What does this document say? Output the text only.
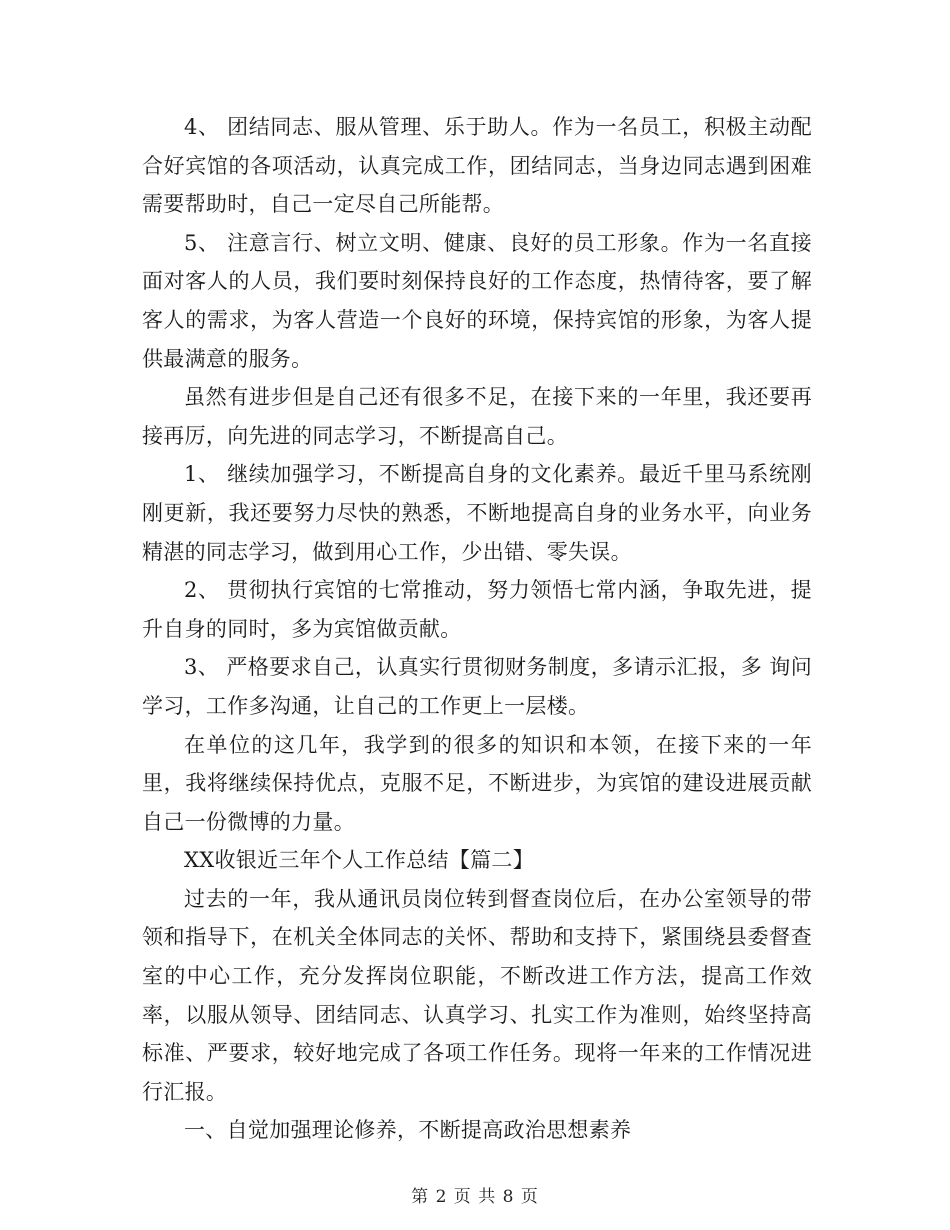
4、 团结同志、服从管理、乐于助人。作为一名员工，积极主动配合好宾馆的各项活动，认真完成工作，团结同志，当身边同志遇到困难需要帮助时，自己一定尽自己所能帮。

5、 注意言行、树立文明、健康、良好的员工形象。作为一名直接面对客人的人员，我们要时刻保持良好的工作态度，热情待客，要了解客人的需求，为客人营造一个良好的环境，保持宾馆的形象，为客人提供最满意的服务。

虽然有进步但是自己还有很多不足，在接下来的一年里，我还要再接再厉，向先进的同志学习，不断提高自己。

1、 继续加强学习，不断提高自身的文化素养。最近千里马系统刚刚更新，我还要努力尽快的熟悉，不断地提高自身的业务水平，向业务精湛的同志学习，做到用心工作，少出错、零失误。

2、 贯彻执行宾馆的七常推动，努力领悟七常内涵，争取先进，提升自身的同时，多为宾馆做贡献。

3、 严格要求自己，认真实行贯彻财务制度，多请示汇报，多 询问学习，工作多沟通，让自己的工作更上一层楼。

在单位的这几年，我学到的很多的知识和本领，在接下来的一年里，我将继续保持优点，克服不足，不断进步，为宾馆的建设进展贡献自己一份微博的力量。

XX收银近三年个人工作总结【篇二】

过去的一年，我从通讯员岗位转到督查岗位后，在办公室领导的带领和指导下，在机关全体同志的关怀、帮助和支持下，紧围绕县委督查室的中心工作，充分发挥岗位职能，不断改进工作方法，提高工作效率，以服从领导、团结同志、认真学习、扎实工作为准则，始终坚持高标准、严要求，较好地完成了各项工作任务。现将一年来的工作情况进行汇报。

一、自觉加强理论修养，不断提高政治思想素养

第 2 页 共 8 页
